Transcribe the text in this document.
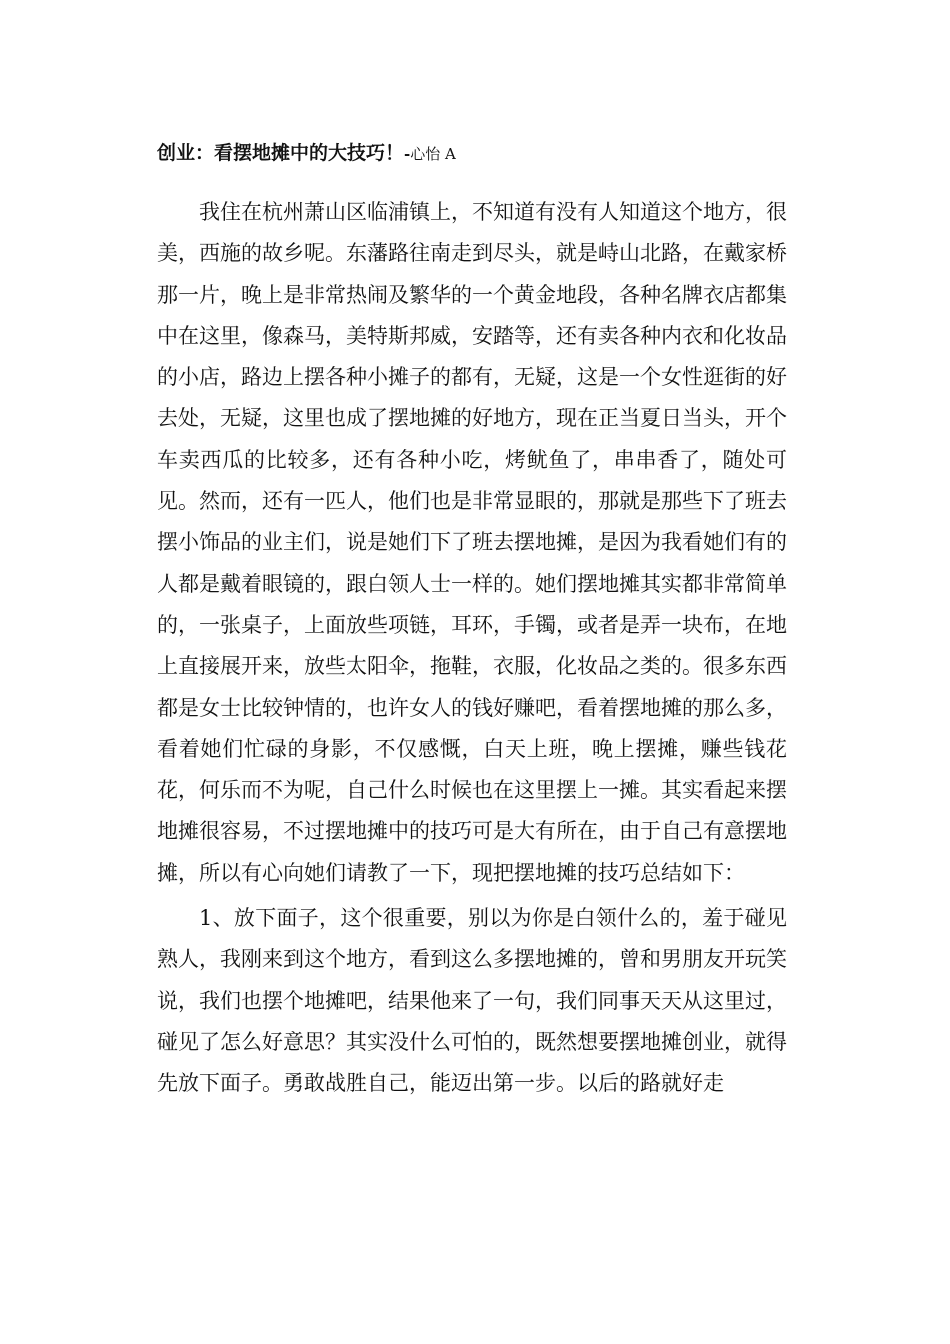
创业：看摆地摊中的大技巧！-心怡 A

我住在杭州萧山区临浦镇上，不知道有没有人知道这个地方，很美，西施的故乡呢。东藩路往南走到尽头，就是峙山北路，在戴家桥那一片，晚上是非常热闹及繁华的一个黄金地段，各种名牌衣店都集中在这里，像森马，美特斯邦威，安踏等，还有卖各种内衣和化妆品的小店，路边上摆各种小摊子的都有，无疑，这是一个女性逛街的好去处，无疑，这里也成了摆地摊的好地方，现在正当夏日当头，开个车卖西瓜的比较多，还有各种小吃，烤鱿鱼了，串串香了，随处可见。然而，还有一匹人，他们也是非常显眼的，那就是那些下了班去摆小饰品的业主们，说是她们下了班去摆地摊，是因为我看她们有的人都是戴着眼镜的，跟白领人士一样的。她们摆地摊其实都非常简单的，一张桌子，上面放些项链，耳环，手镯，或者是弄一块布，在地上直接展开来，放些太阳伞，拖鞋，衣服，化妆品之类的。很多东西都是女士比较钟情的，也许女人的钱好赚吧，看着摆地摊的那么多，看着她们忙碌的身影，不仅感慨，白天上班，晚上摆摊，赚些钱花花，何乐而不为呢，自己什么时候也在这里摆上一摊。其实看起来摆地摊很容易，不过摆地摊中的技巧可是大有所在，由于自己有意摆地摊，所以有心向她们请教了一下，现把摆地摊的技巧总结如下：

1、放下面子，这个很重要，别以为你是白领什么的，羞于碰见熟人，我刚来到这个地方，看到这么多摆地摊的，曾和男朋友开玩笑说，我们也摆个地摊吧，结果他来了一句，我们同事天天从这里过，碰见了怎么好意思？其实没什么可怕的，既然想要摆地摊创业，就得先放下面子。勇敢战胜自己，能迈出第一步。以后的路就好走
